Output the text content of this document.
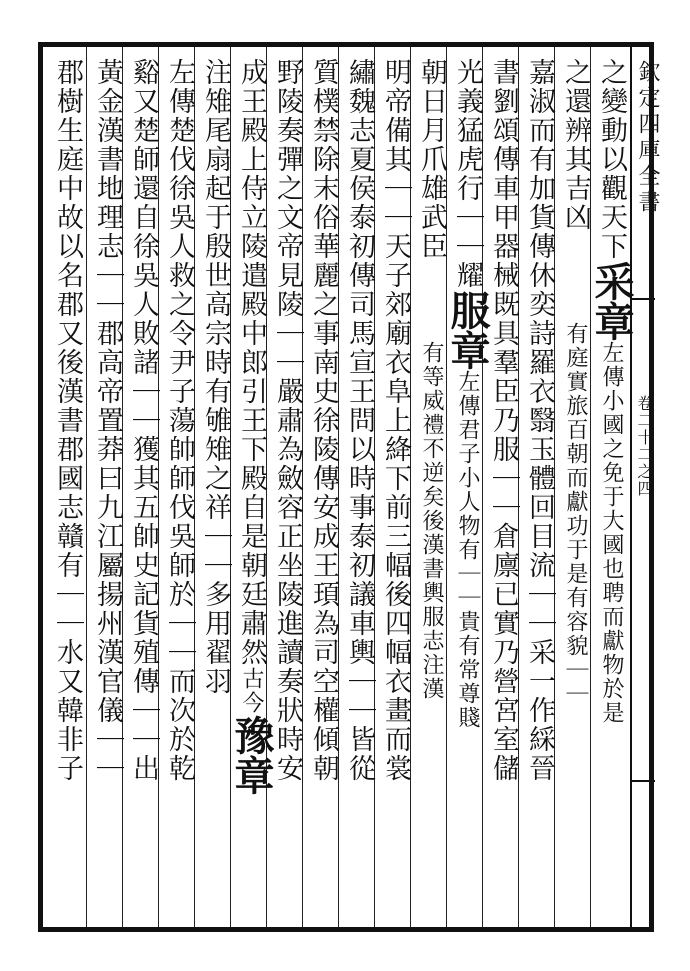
欽定四庫全書
卷二十二之四
之變動以觀天下采章左傳小國之免于大國也聘而獻物於是
之還辨其吉凶有庭實旅百朝而獻功于是有容貌｜｜
嘉淑而有加貨傳休奕詩羅衣翳玉體回目流｜｜采一作綵晉
書劉頌傳車甲器械既具羣臣乃服｜｜倉廪已實乃營宮室儲
光義猛虎行｜｜耀服章左傳君子小人物有｜｜貴有常尊賤
朝日月爪雄武臣有等威禮不逆矣後漢書輿服志注漢
明帝備其｜｜天子郊廟衣阜上絳下前三幅後四幅衣畫而裳
繡魏志夏侯泰初傳司馬宣王問以時事泰初議車輿｜｜皆從
質樸禁除末俗華麗之事南史徐陵傳安成王頊為司空權傾朝
野陵奏彈之文帝見陵｜｜嚴肅為斂容正坐陵進讀奏狀時安
成王殿上侍立陵遣殿中郎引王下殿自是朝廷肅然古今豫章
注雉尾扇起于殷世高宗時有雊雉之祥｜｜多用翟羽
左傳楚伐徐吳人救之令尹子蕩帥師伐吳師於｜｜而次於乾
谿又楚師還自徐吳人敗諸｜｜獲其五帥史記貨殖傳｜｜出
黃金漢書地理志｜｜郡高帝置莽曰九江屬揚州漢官儀｜｜
郡樹生庭中故以名郡又後漢書郡國志贛有｜｜水又韓非子
